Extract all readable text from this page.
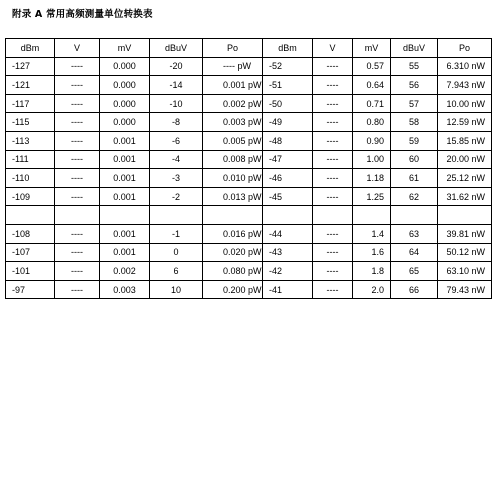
附录 A 常用高频测量单位转换表
dBm	V	mV	dBuV	Po	dBm	V	mV	dBuV	Po
-127	----	0.000	-20	---- pW	-52	----	0.57	55	6.310 nW
-121	----	0.000	-14	0.001 pW	-51	----	0.64	56	7.943 nW
-117	----	0.000	-10	0.002 pW	-50	----	0.71	57	10.00 nW
-115	----	0.000	-8	0.003 pW	-49	----	0.80	58	12.59 nW
-113	----	0.001	-6	0.005 pW	-48	----	0.90	59	15.85 nW
-111	----	0.001	-4	0.008 pW	-47	----	1.00	60	20.00 nW
-110	----	0.001	-3	0.010 pW	-46	----	1.18	61	25.12 nW
-109	----	0.001	-2	0.013 pW	-45	----	1.25	62	31.62 nW

-108	----	0.001	-1	0.016 pW	-44	----	1.4	63	39.81 nW
-107	----	0.001	0	0.020 pW	-43	----	1.6	64	50.12 nW
-101	----	0.002	6	0.080 pW	-42	----	1.8	65	63.10 nW
-97	----	0.003	10	0.200 pW	-41	----	2.0	66	79.43 nW
